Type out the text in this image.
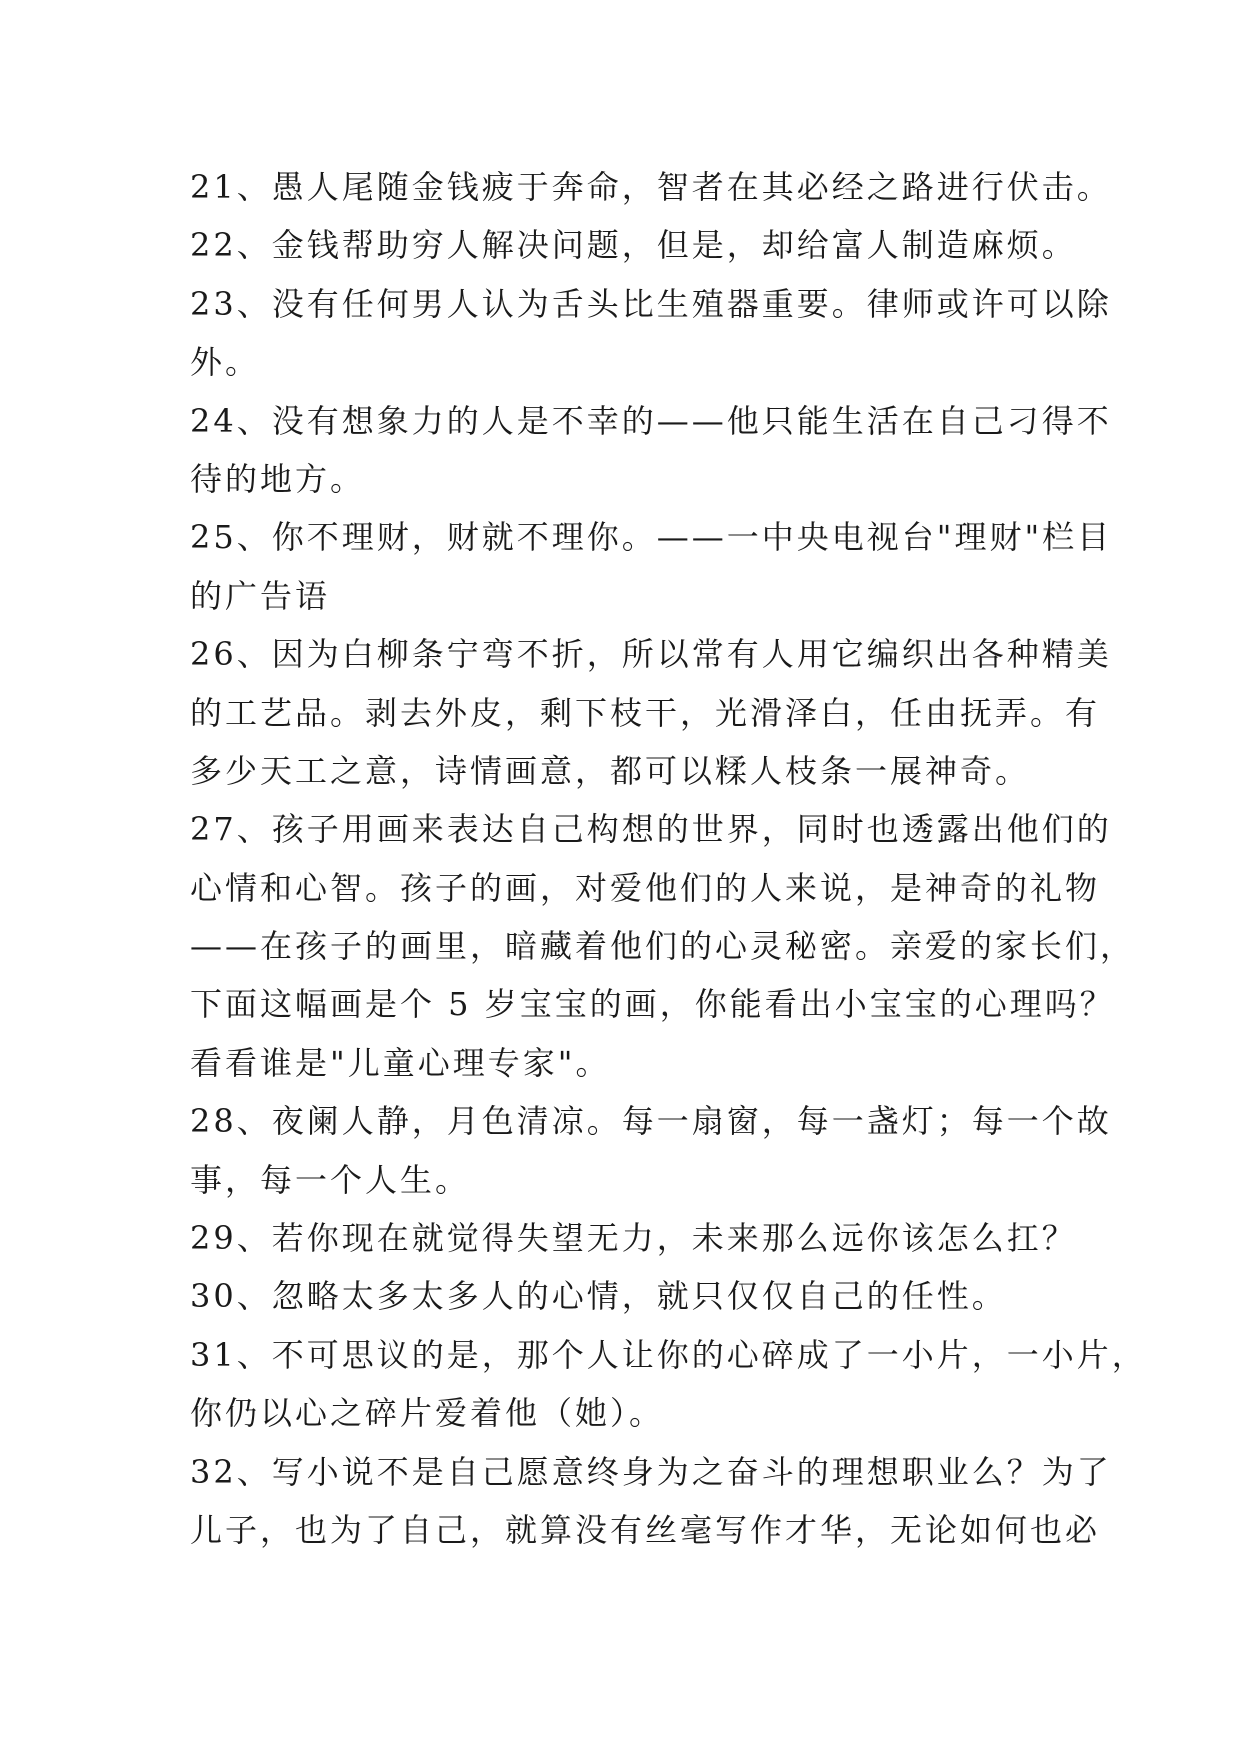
21、愚人尾随金钱疲于奔命，智者在其必经之路进行伏击。
22、金钱帮助穷人解决问题，但是，却给富人制造麻烦。
23、没有任何男人认为舌头比生殖器重要。律师或许可以除
外。
24、没有想象力的人是不幸的——他只能生活在自己刁得不
待的地方。
25、你不理财，财就不理你。——一中央电视台"理财"栏目
的广告语
26、因为白柳条宁弯不折，所以常有人用它编织出各种精美
的工艺品。剥去外皮，剩下枝干，光滑泽白，任由抚弄。有
多少天工之意，诗情画意，都可以糅人枝条一展神奇。
27、孩子用画来表达自己构想的世界，同时也透露出他们的
心情和心智。孩子的画，对爱他们的人来说，是神奇的礼物
——在孩子的画里，暗藏着他们的心灵秘密。亲爱的家长们，
下面这幅画是个 5 岁宝宝的画，你能看出小宝宝的心理吗？
看看谁是"儿童心理专家"。
28、夜阑人静，月色清凉。每一扇窗，每一盏灯；每一个故
事，每一个人生。
29、若你现在就觉得失望无力，未来那么远你该怎么扛？
30、忽略太多太多人的心情，就只仅仅自己的任性。
31、不可思议的是，那个人让你的心碎成了一小片，一小片，
你仍以心之碎片爱着他（她）。
32、写小说不是自己愿意终身为之奋斗的理想职业么？为了
儿子，也为了自己，就算没有丝毫写作才华，无论如何也必
